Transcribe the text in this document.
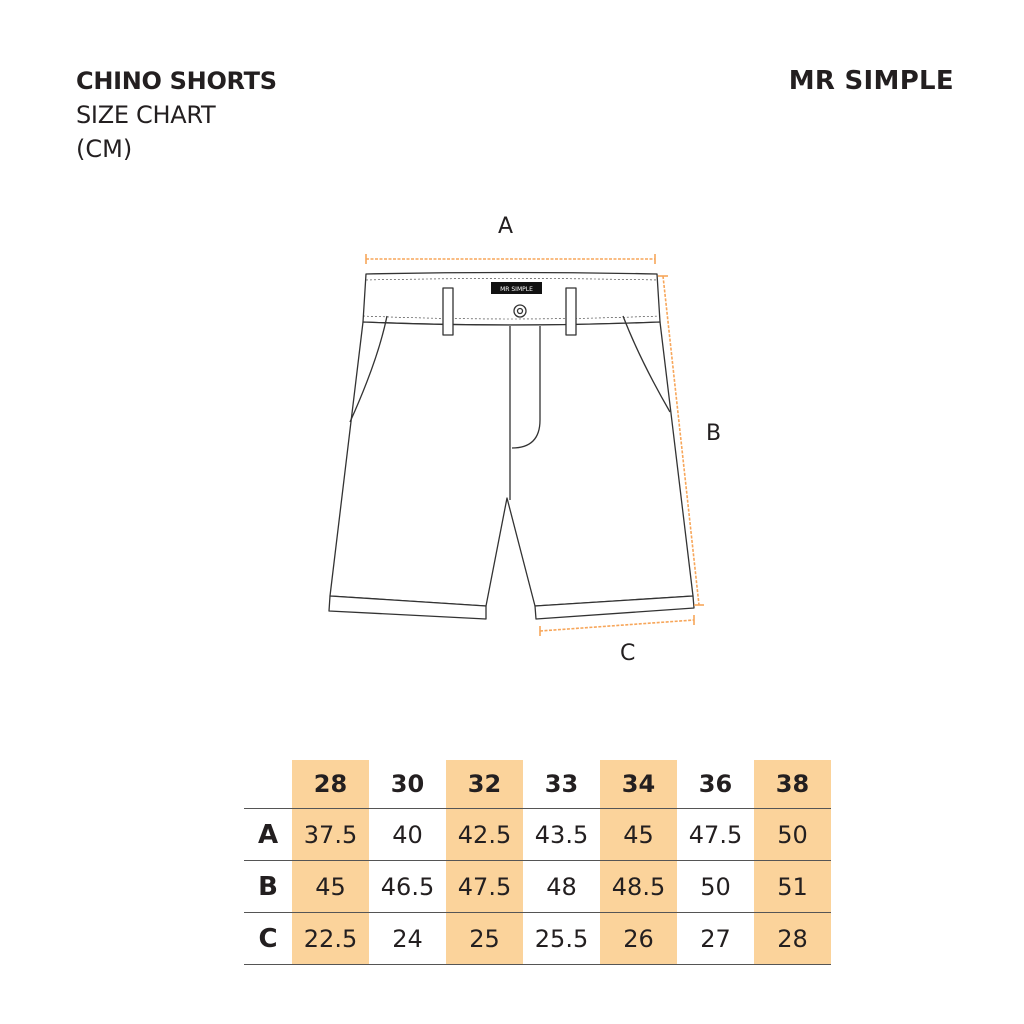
CHINO SHORTS

SIZE CHART

(CM)

MR SIMPLE
MR SIMPLE
A
B
C
	28	30	32	33	34	36	38
A	37.5	40	42.5	43.5	45	47.5	50
B	45	46.5	47.5	48	48.5	50	51
C	22.5	24	25	25.5	26	27	28
